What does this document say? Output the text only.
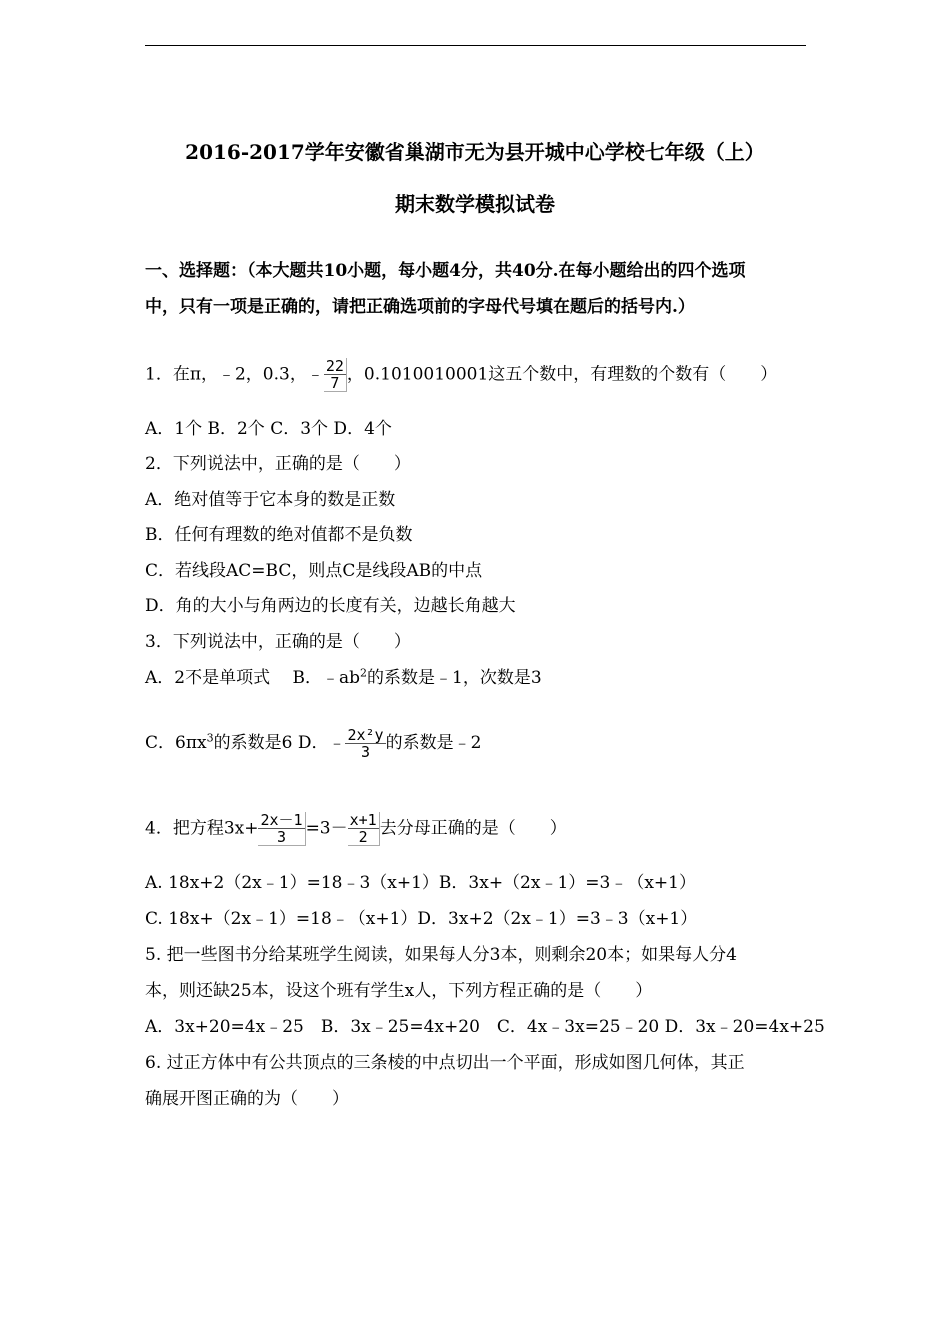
2016-2017学年安徽省巢湖市无为县开城中心学校七年级（上）
期末数学模拟试卷
一、选择题：（本大题共10小题，每小题4分，共40分.在每小题给出的四个选项
中，只有一项是正确的，请把正确选项前的字母代号填在题后的括号内.）
1．在π，﹣2，0.3，﹣ $\frac{22}{7}$ ，0.1010010001这五个数中，有理数的个数有（　　）
A．1个 B．2个 C．3个 D．4个
2．下列说法中，正确的是（　　）
A．绝对值等于它本身的数是正数
B．任何有理数的绝对值都不是负数
C．若线段AC=BC，则点C是线段AB的中点
D．角的大小与角两边的长度有关，边越长角越大
3．下列说法中，正确的是（　　）
A．2不是单项式　 B．$﹣ab^2$的系数是﹣1，次数是3
C．$6\pi x^3$的系数是6 D．﹣ $\frac{\text{2x²y}}{3}$ 的系数是﹣2
4．把方程$3x+ \frac{2x-1}{3} =3- \frac{x+1}{2}$ 去分母正确的是（　　）
A. 18x+2（2x﹣1）=18﹣3（x+1）B．3x+（2x﹣1）=3﹣（x+1）
C. 18x+（2x﹣1）=18﹣（x+1）D．3x+2（2x﹣1）=3﹣3（x+1）
5. 把一些图书分给某班学生阅读，如果每人分3本，则剩余20本；如果每人分4
本，则还缺25本，设这个班有学生x人，下列方程正确的是（　　）
A．3x+20=4x﹣25　B．3x﹣25=4x+20　C．4x﹣3x=25﹣20 D．3x﹣20=4x+25
6. 过正方体中有公共顶点的三条棱的中点切出一个平面，形成如图几何体，其正
确展开图正确的为（　　）
